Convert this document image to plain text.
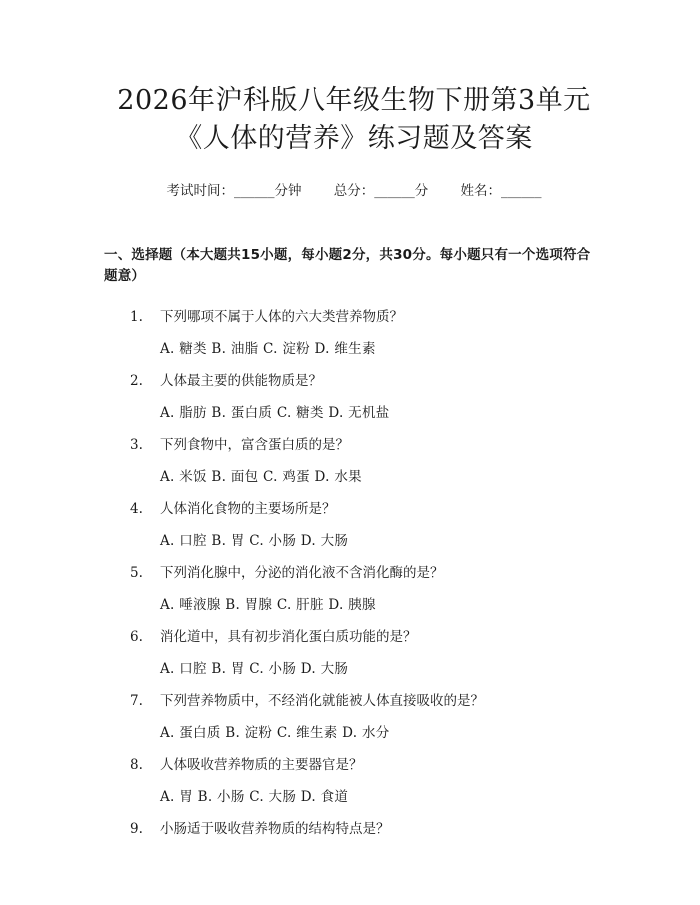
2026年沪科版八年级生物下册第3单元《人体的营养》练习题及答案
考试时间：______分钟 总分：______分 姓名：______
一、选择题（本大题共15小题，每小题2分，共30分。每小题只有一个选项符合题意）
1.	下列哪项不属于人体的六大类营养物质？
A. 糖类 B. 油脂 C. 淀粉 D. 维生素
2.	人体最主要的供能物质是？
A. 脂肪 B. 蛋白质 C. 糖类 D. 无机盐
3.	下列食物中，富含蛋白质的是？
A. 米饭 B. 面包 C. 鸡蛋 D. 水果
4.	人体消化食物的主要场所是？
A. 口腔 B. 胃 C. 小肠 D. 大肠
5.	下列消化腺中，分泌的消化液不含消化酶的是？
A. 唾液腺 B. 胃腺 C. 肝脏 D. 胰腺
6.	消化道中，具有初步消化蛋白质功能的是？
A. 口腔 B. 胃 C. 小肠 D. 大肠
7.	下列营养物质中，不经消化就能被人体直接吸收的是？
A. 蛋白质 B. 淀粉 C. 维生素 D. 水分
8.	人体吸收营养物质的主要器官是？
A. 胃 B. 小肠 C. 大肠 D. 食道
9.	小肠适于吸收营养物质的结构特点是？
